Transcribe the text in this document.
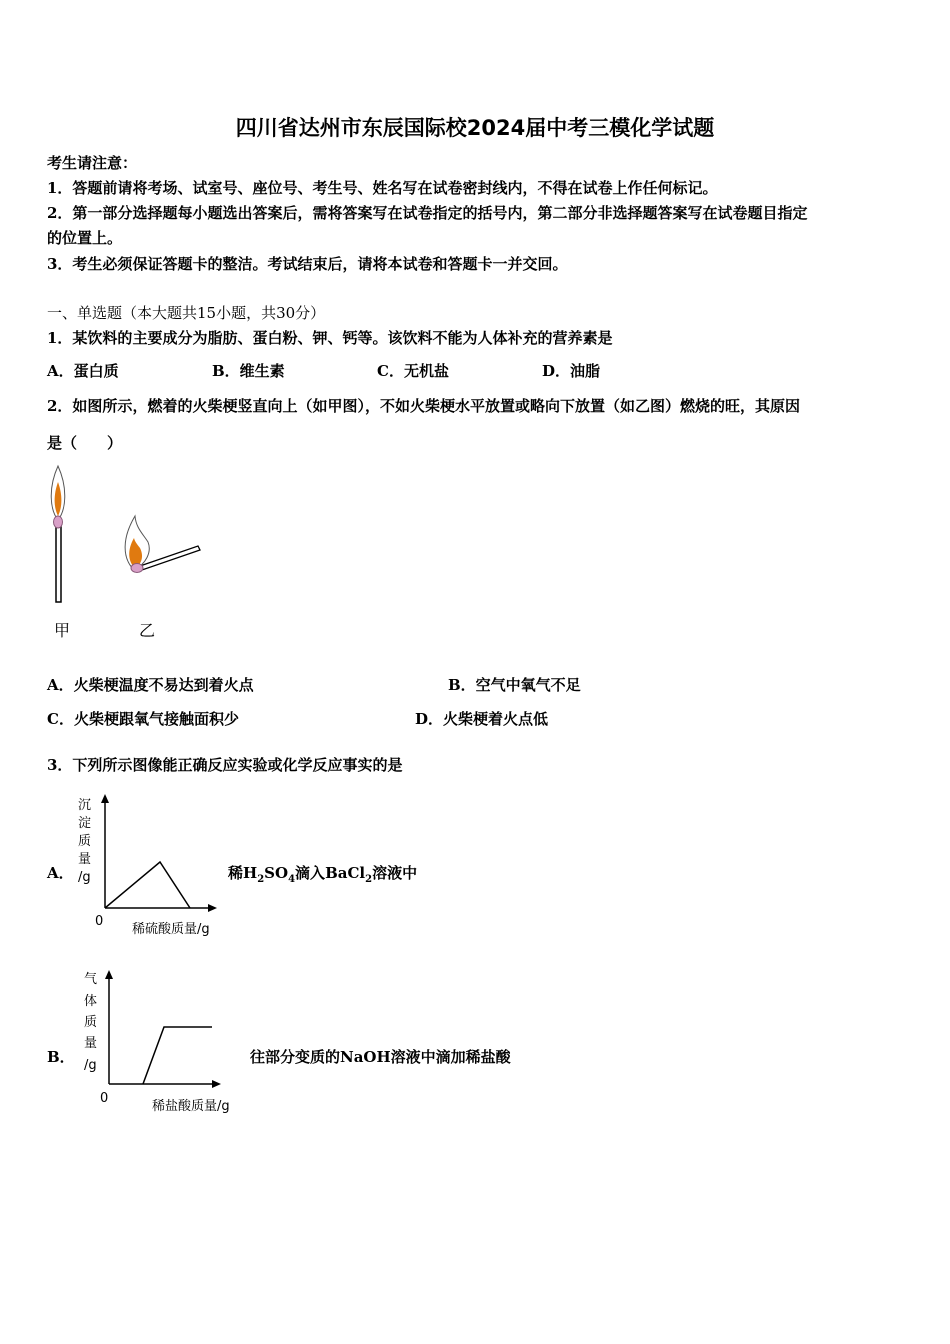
四川省达州市东辰国际校2024届中考三模化学试题
考生请注意：
1．答题前请将考场、试室号、座位号、考生号、姓名写在试卷密封线内，不得在试卷上作任何标记。
2．第一部分选择题每小题选出答案后，需将答案写在试卷指定的括号内，第二部分非选择题答案写在试卷题目指定
的位置上。
3．考生必须保证答题卡的整洁。考试结束后，请将本试卷和答题卡一并交回。
一、单选题（本大题共15小题，共30分）
1．某饮料的主要成分为脂肪、蛋白粉、钾、钙等。该饮料不能为人体补充的营养素是
A．蛋白质	B．维生素	C．无机盐	D．油脂
2．如图所示，燃着的火柴梗竖直向上（如甲图），不如火柴梗水平放置或略向下放置（如乙图）燃烧的旺，其原因
是（　　）
甲	乙
A．火柴梗温度不易达到着火点	B．空气中氧气不足
C．火柴梗跟氧气接触面积少	D．火柴梗着火点低
3．下列所示图像能正确反应实验或化学反应事实的是
A．
沉
淀
质
量
/g
0
稀硫酸质量/g
稀$H_2SO_4$滴入BaCl$_2$溶液中
B．
气
体
质
量
/g
0
稀盐酸质量/g
往部分变质的NaOH溶液中滴加稀盐酸
